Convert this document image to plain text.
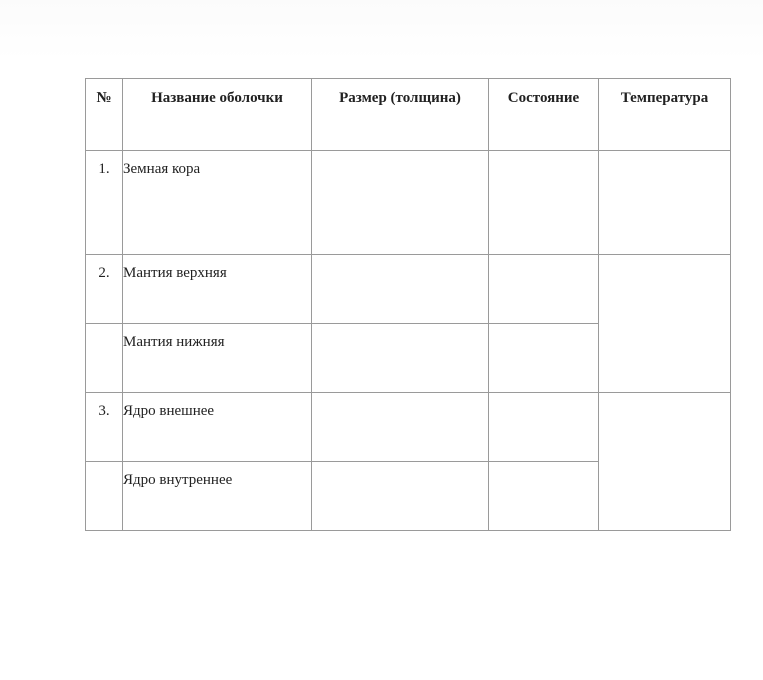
№	Название оболочки	Размер (толщина)	Состояние	Температура
1.	Земная кора			
2.	Мантия верхняя			
	Мантия нижняя			
3.	Ядро внешнее			
	Ядро внутреннее			
